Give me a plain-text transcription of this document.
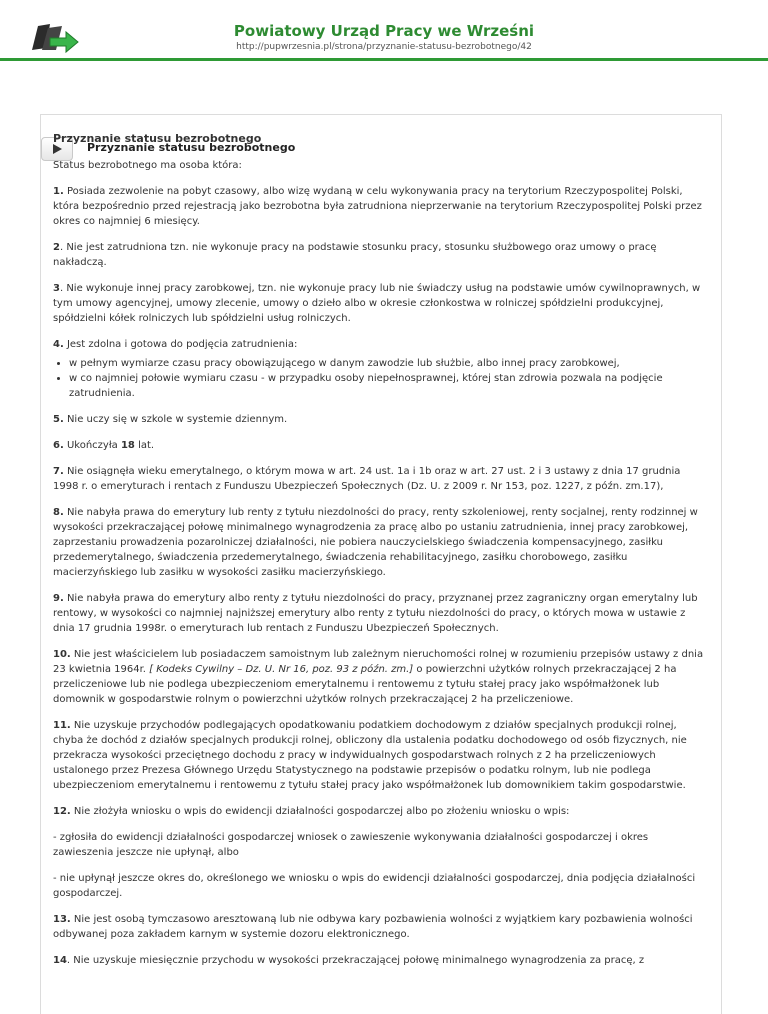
Powiatowy Urząd Pracy we Wrześni
http://pupwrzesnia.pl/strona/przyznanie-statusu-bezrobotnego/42
Przyznanie statusu bezrobotnego

Przyznanie statusu bezrobotnego

Status bezrobotnego ma osoba która:

1. Posiada zezwolenie na pobyt czasowy, albo wizę wydaną w celu wykonywania pracy na terytorium Rzeczypospolitej Polski, która bezpośrednio przed rejestracją jako bezrobotna była zatrudniona nieprzerwanie na terytorium Rzeczypospolitej Polski przez okres co najmniej 6 miesięcy.

2. Nie jest zatrudniona tzn. nie wykonuje pracy na podstawie stosunku pracy, stosunku służbowego oraz umowy o pracę nakładczą.

3. Nie wykonuje innej pracy zarobkowej, tzn. nie wykonuje pracy lub nie świadczy usług na podstawie umów cywilnoprawnych, w tym umowy agencyjnej, umowy zlecenie, umowy o dzieło albo w okresie członkostwa w rolniczej spółdzielni produkcyjnej, spółdzielni kółek rolniczych lub spółdzielni usług rolniczych.

4. Jest zdolna i gotowa do podjęcia zatrudnienia:

• w pełnym wymiarze czasu pracy obowiązującego w danym zawodzie lub służbie, albo innej pracy zarobkowej,
• w co najmniej połowie wymiaru czasu - w przypadku osoby niepełnosprawnej, której stan zdrowia pozwala na podjęcie zatrudnienia.

5. Nie uczy się w szkole w systemie dziennym.

6. Ukończyła 18 lat.

7. Nie osiągnęła wieku emerytalnego, o którym mowa w art. 24 ust. 1a i 1b oraz w art. 27 ust. 2 i 3 ustawy z dnia 17 grudnia 1998 r. o emeryturach i rentach z Funduszu Ubezpieczeń Społecznych (Dz. U. z 2009 r. Nr 153, poz. 1227, z późn. zm.17),

8. Nie nabyła prawa do emerytury lub renty z tytułu niezdolności do pracy, renty szkoleniowej, renty socjalnej, renty rodzinnej w wysokości przekraczającej połowę minimalnego wynagrodzenia za pracę albo po ustaniu zatrudnienia, innej pracy zarobkowej, zaprzestaniu prowadzenia pozarolniczej działalności, nie pobiera nauczycielskiego świadczenia kompensacyjnego, zasiłku przedemerytalnego, świadczenia przedemerytalnego, świadczenia rehabilitacyjnego, zasiłku chorobowego, zasiłku macierzyńskiego lub zasiłku w wysokości zasiłku macierzyńskiego.

9. Nie nabyła prawa do emerytury albo renty z tytułu niezdolności do pracy, przyznanej przez zagraniczny organ emerytalny lub rentowy, w wysokości co najmniej najniższej emerytury albo renty z tytułu niezdolności do pracy, o których mowa w ustawie z dnia 17 grudnia 1998r. o emeryturach lub rentach z Funduszu Ubezpieczeń Społecznych.

10. Nie jest właścicielem lub posiadaczem samoistnym lub zależnym nieruchomości rolnej w rozumieniu przepisów ustawy z dnia 23 kwietnia 1964r. [ Kodeks Cywilny – Dz. U. Nr 16, poz. 93 z późn. zm.] o powierzchni użytków rolnych przekraczającej 2 ha przeliczeniowe lub nie podlega ubezpieczeniom emerytalnemu i rentowemu z tytułu stałej pracy jako współmałżonek lub domownik w gospodarstwie rolnym o powierzchni użytków rolnych przekraczającej 2 ha przeliczeniowe.

11. Nie uzyskuje przychodów podlegających opodatkowaniu podatkiem dochodowym z działów specjalnych produkcji rolnej, chyba że dochód z działów specjalnych produkcji rolnej, obliczony dla ustalenia podatku dochodowego od osób fizycznych, nie przekracza wysokości przeciętnego dochodu z pracy w indywidualnych gospodarstwach rolnych z 2 ha przeliczeniowych ustalonego przez Prezesa Głównego Urzędu Statystycznego na podstawie przepisów o podatku rolnym, lub nie podlega ubezpieczeniom emerytalnemu i rentowemu z tytułu stałej pracy jako współmałżonek lub domownikiem takim gospodarstwie.

12. Nie złożyła wniosku o wpis do ewidencji działalności gospodarczej albo po złożeniu wniosku o wpis:

- zgłosiła do ewidencji działalności gospodarczej wniosek o zawieszenie wykonywania działalności gospodarczej i okres zawieszenia jeszcze nie upłynął, albo

- nie upłynął jeszcze okres do, określonego we wniosku o wpis do ewidencji działalności gospodarczej, dnia podjęcia działalności gospodarczej.

13. Nie jest osobą tymczasowo aresztowaną lub nie odbywa kary pozbawienia wolności z wyjątkiem kary pozbawienia wolności odbywanej poza zakładem karnym w systemie dozoru elektronicznego.

14. Nie uzyskuje miesięcznie przychodu w wysokości przekraczającej połowę minimalnego wynagrodzenia za pracę, z
